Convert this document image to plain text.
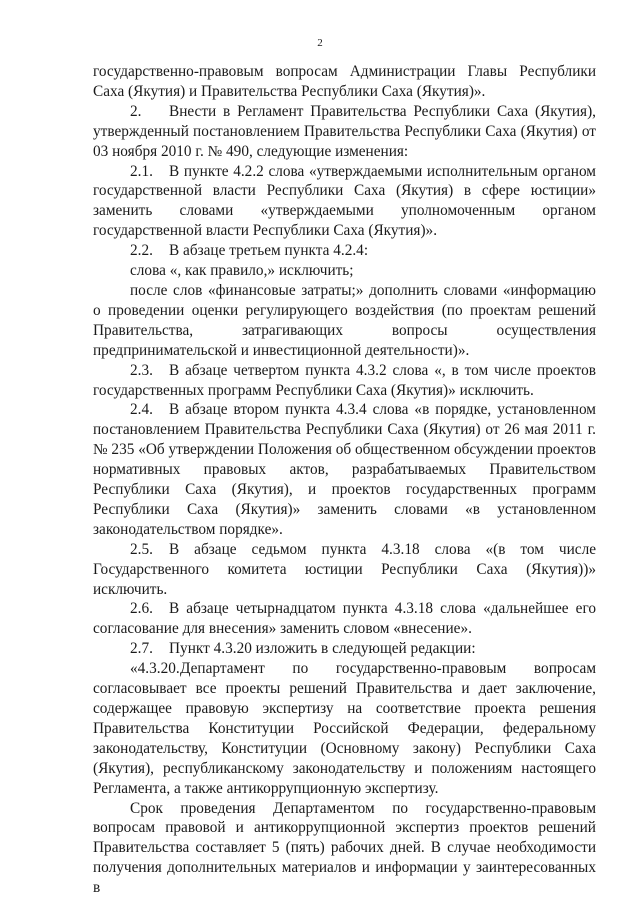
2

государственно-правовым вопросам Администрации Главы Республики Саха (Якутия) и Правительства Республики Саха (Якутия)».

2. Внести в Регламент Правительства Республики Саха (Якутия), утвержденный постановлением Правительства Республики Саха (Якутия) от 03 ноября 2010 г. № 490, следующие изменения:

2.1. В пункте 4.2.2 слова «утверждаемыми исполнительным органом государственной власти Республики Саха (Якутия) в сфере юстиции» заменить словами «утверждаемыми уполномоченным органом государственной власти Республики Саха (Якутия)».

2.2. В абзаце третьем пункта 4.2.4:

слова «, как правило,» исключить;

после слов «финансовые затраты;» дополнить словами «информацию о проведении оценки регулирующего воздействия (по проектам решений Правительства, затрагивающих вопросы осуществления предпринимательской и инвестиционной деятельности)».

2.3. В абзаце четвертом пункта 4.3.2 слова «, в том числе проектов государственных программ Республики Саха (Якутия)» исключить.

2.4. В абзаце втором пункта 4.3.4 слова «в порядке, установленном постановлением Правительства Республики Саха (Якутия) от 26 мая 2011 г. № 235 «Об утверждении Положения об общественном обсуждении проектов нормативных правовых актов, разрабатываемых Правительством Республики Саха (Якутия), и проектов государственных программ Республики Саха (Якутия)» заменить словами «в установленном законодательством порядке».

2.5. В абзаце седьмом пункта 4.3.18 слова «(в том числе Государственного комитета юстиции Республики Саха (Якутия))» исключить.

2.6. В абзаце четырнадцатом пункта 4.3.18 слова «дальнейшее его согласование для внесения» заменить словом «внесение».

2.7. Пункт 4.3.20 изложить в следующей редакции:

«4.3.20.Департамент по государственно-правовым вопросам согласовывает все проекты решений Правительства и дает заключение, содержащее правовую экспертизу на соответствие проекта решения Правительства Конституции Российской Федерации, федеральному законодательству, Конституции (Основному закону) Республики Саха (Якутия), республиканскому законодательству и положениям настоящего Регламента, а также антикоррупционную экспертизу.

Срок проведения Департаментом по государственно-правовым вопросам правовой и антикоррупционной экспертиз проектов решений Правительства составляет 5 (пять) рабочих дней. В случае необходимости получения дополнительных материалов и информации у заинтересованных в
